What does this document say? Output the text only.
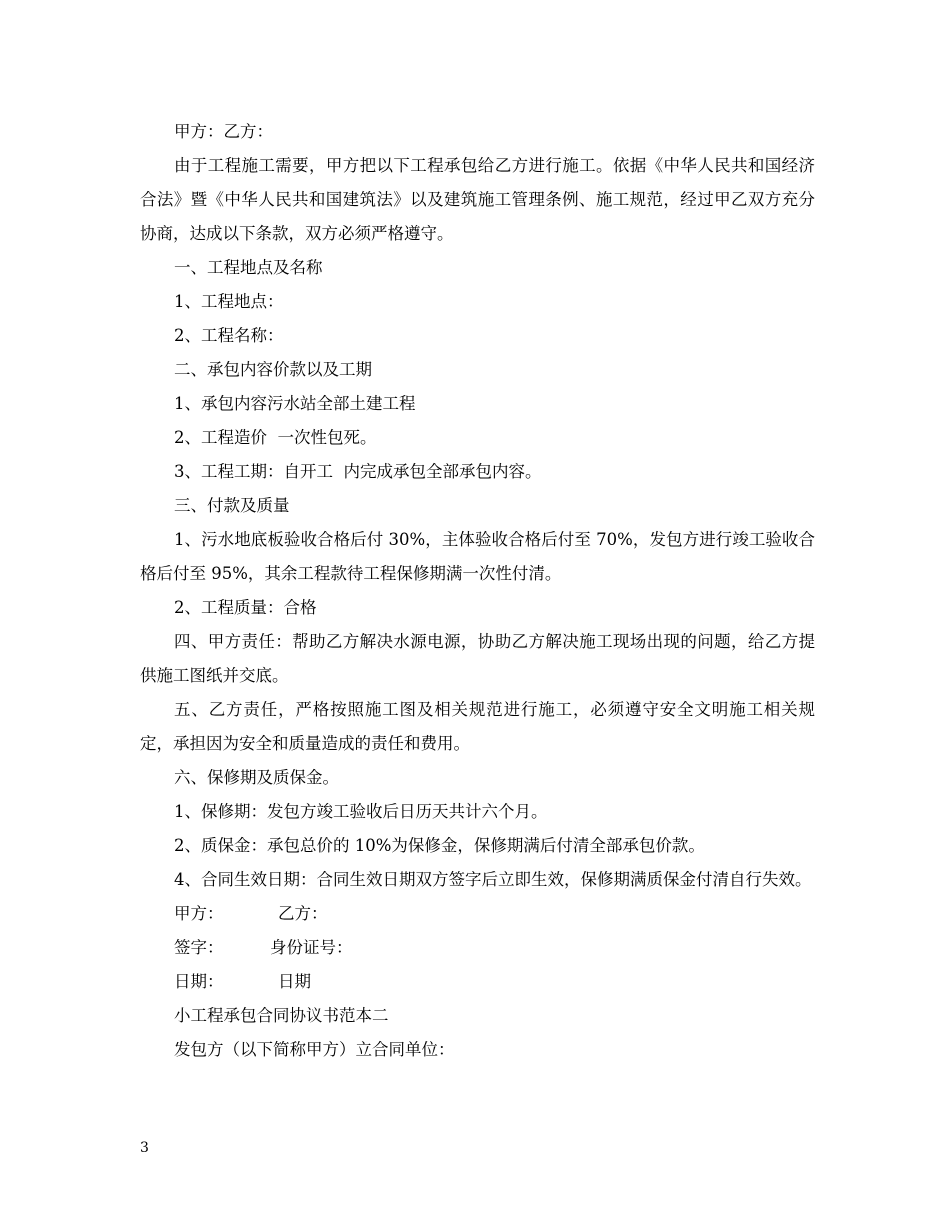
甲方：乙方：

由于工程施工需要，甲方把以下工程承包给乙方进行施工。依据《中华人民共和国经济合法》暨《中华人民共和国建筑法》以及建筑施工管理条例、施工规范，经过甲乙双方充分协商，达成以下条款，双方必须严格遵守。

一、工程地点及名称

1、工程地点：

2、工程名称：

二、承包内容价款以及工期

1、承包内容污水站全部土建工程

2、工程造价  一次性包死。

3、工程工期：自开工  内完成承包全部承包内容。

三、付款及质量

1、污水地底板验收合格后付 30%，主体验收合格后付至 70%，发包方进行竣工验收合格后付至 95%，其余工程款待工程保修期满一次性付清。

2、工程质量：合格

四、甲方责任：帮助乙方解决水源电源，协助乙方解决施工现场出现的问题，给乙方提供施工图纸并交底。

五、乙方责任，严格按照施工图及相关规范进行施工，必须遵守安全文明施工相关规定，承担因为安全和质量造成的责任和费用。

六、保修期及质保金。

1、保修期：发包方竣工验收后日历天共计六个月。

2、质保金：承包总价的 10%为保修金，保修期满后付清全部承包价款。

4、合同生效日期：合同生效日期双方签字后立即生效，保修期满质保金付清自行失效。

甲方：	乙方：
签字：	身份证号：
日期：	日期

小工程承包合同协议书范本二

发包方（以下简称甲方）立合同单位：

3
